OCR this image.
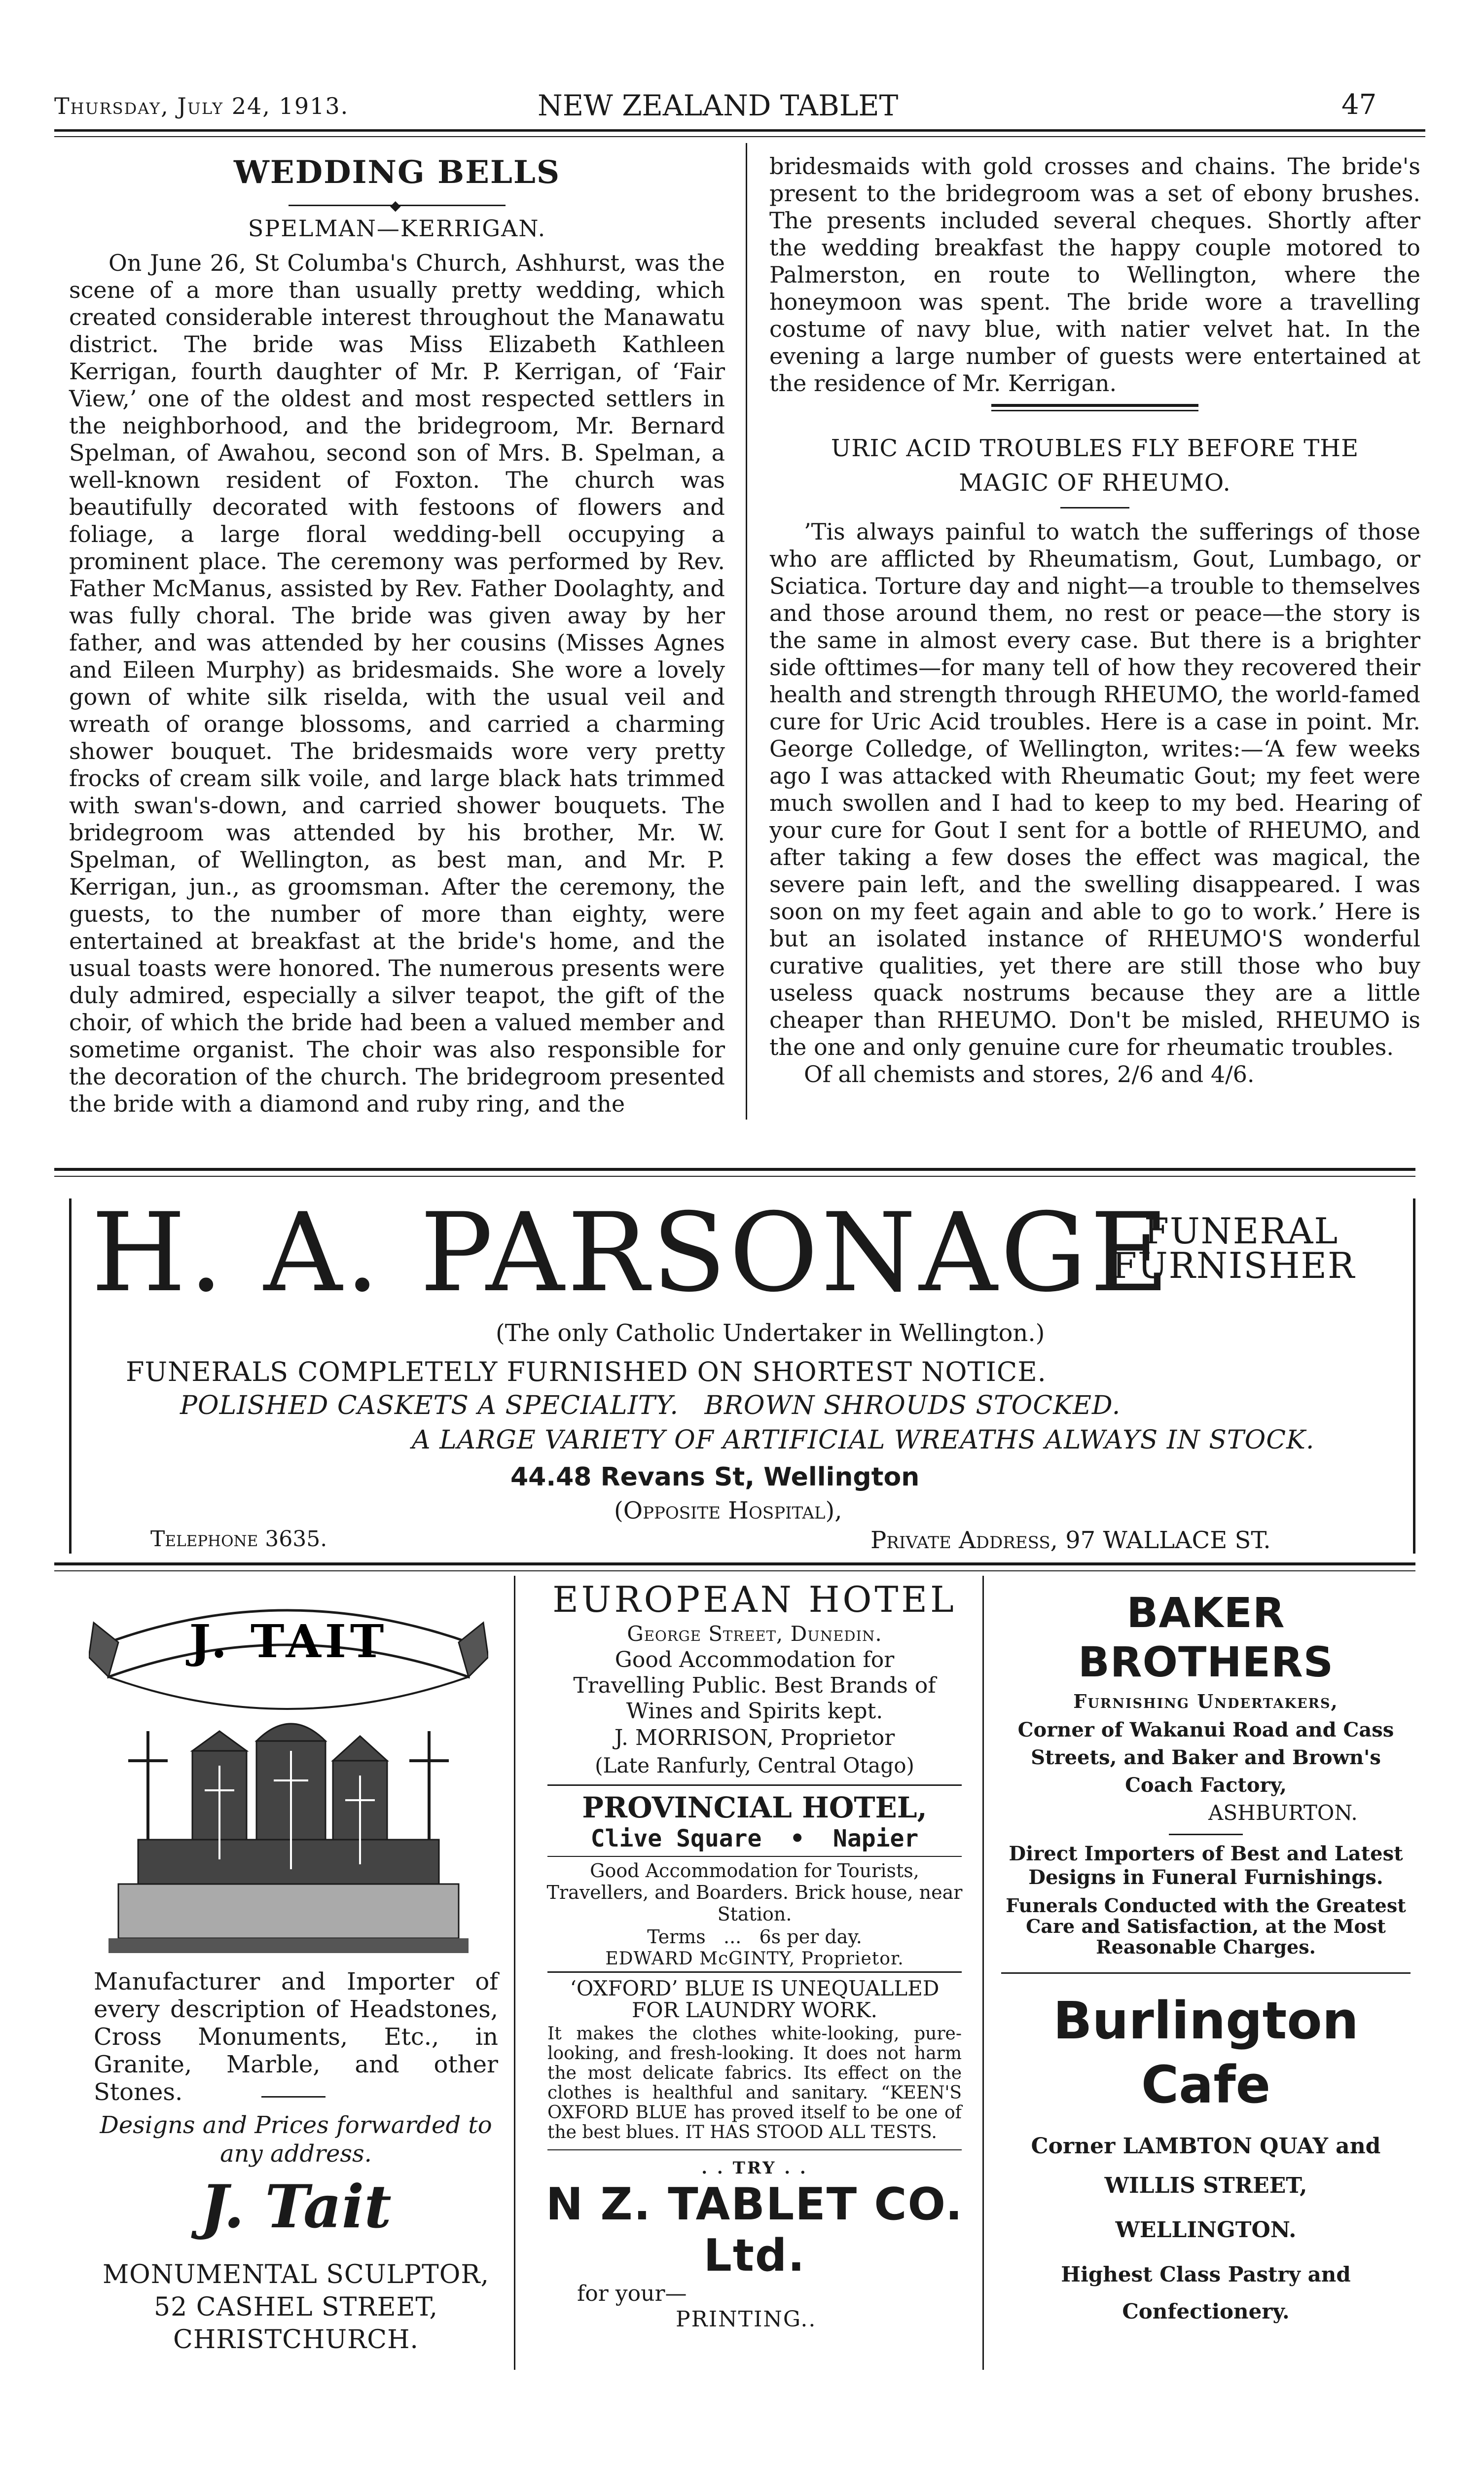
Thursday, July 24, 1913.	NEW ZEALAND TABLET	47
WEDDING BELLS
◆
SPELMAN—KERRIGAN.

On June 26, St Columba's Church, Ashhurst, was the scene of a more than usually pretty wedding, which created considerable interest throughout the Manawatu district. The bride was Miss Elizabeth Kathleen Kerrigan, fourth daughter of Mr. P. Kerrigan, of ‘Fair View,’ one of the oldest and most respected settlers in the neighborhood, and the bridegroom, Mr. Bernard Spelman, of Awahou, second son of Mrs. B. Spelman, a well-known resident of Foxton. The church was beautifully decorated with festoons of flowers and foliage, a large floral wedding-bell occupying a prominent place. The ceremony was performed by Rev. Father McManus, assisted by Rev. Father Doolaghty, and was fully choral. The bride was given away by her father, and was attended by her cousins (Misses Agnes and Eileen Murphy) as bridesmaids. She wore a lovely gown of white silk riselda, with the usual veil and wreath of orange blossoms, and carried a charming shower bouquet. The bridesmaids wore very pretty frocks of cream silk voile, and large black hats trimmed with swan's-down, and carried shower bouquets. The bridegroom was attended by his brother, Mr. W. Spelman, of Wellington, as best man, and Mr. P. Kerrigan, jun., as groomsman. After the ceremony, the guests, to the number of more than eighty, were entertained at breakfast at the bride's home, and the usual toasts were honored. The numerous presents were duly admired, especially a silver teapot, the gift of the choir, of which the bride had been a valued member and sometime organist. The choir was also responsible for the decoration of the church. The bridegroom presented the bride with a diamond and ruby ring, and the

bridesmaids with gold crosses and chains. The bride's present to the bridegroom was a set of ebony brushes. The presents included several cheques. Shortly after the wedding breakfast the happy couple motored to Palmerston, en route to Wellington, where the honeymoon was spent. The bride wore a travelling costume of navy blue, with natier velvet hat. In the evening a large number of guests were entertained at the residence of Mr. Kerrigan.

URIC ACID TROUBLES FLY BEFORE THE
MAGIC OF RHEUMO.

’Tis always painful to watch the sufferings of those who are afflicted by Rheumatism, Gout, Lumbago, or Sciatica. Torture day and night—a trouble to themselves and those around them, no rest or peace—the story is the same in almost every case. But there is a brighter side ofttimes—for many tell of how they recovered their health and strength through RHEUMO, the world-famed cure for Uric Acid troubles. Here is a case in point. Mr. George Colledge, of Wellington, writes:—‘A few weeks ago I was attacked with Rheumatic Gout; my feet were much swollen and I had to keep to my bed. Hearing of your cure for Gout I sent for a bottle of RHEUMO, and after taking a few doses the effect was magical, the severe pain left, and the swelling disappeared. I was soon on my feet again and able to go to work.’ Here is but an isolated instance of RHEUMO'S wonderful curative qualities, yet there are still those who buy useless quack nostrums because they are a little cheaper than RHEUMO. Don't be misled, RHEUMO is the one and only genuine cure for rheumatic troubles.

Of all chemists and stores, 2/6 and 4/6.

H. A. PARSONAGE
FUNERAL
FURNISHER
(The only Catholic Undertaker in Wellington.)
FUNERALS COMPLETELY FURNISHED ON SHORTEST NOTICE.
POLISHED CASKETS A SPECIALITY.   BROWN SHROUDS STOCKED.
A LARGE VARIETY OF ARTIFICIAL WREATHS ALWAYS IN STOCK.
44.48 Revans St, Wellington
(Opposite Hospital),
Telephone 3635.	Private Address, 97 WALLACE ST.
J. TAIT
Manufacturer and Importer of every description of Headstones, Cross Monuments, Etc., in Granite, Marble, and other Stones.
Designs and Prices forwarded to any address.
J. Tait
MONUMENTAL SCULPTOR,
52 CASHEL STREET,
CHRISTCHURCH.
EUROPEAN HOTEL
George Street, Dunedin.
Good Accommodation for Travelling Public. Best Brands of Wines and Spirits kept.
J. MORRISON, Proprietor
(Late Ranfurly, Central Otago)
PROVINCIAL HOTEL,
Clive Square  •  Napier
Good Accommodation for Tourists, Travellers, and Boarders. Brick house, near Station.
Terms   ...   6s per day.
EDWARD McGINTY, Proprietor.
‘OXFORD’ BLUE IS UNEQUALLED FOR LAUNDRY WORK.
It makes the clothes white-looking, pure-looking, and fresh-looking. It does not harm the most delicate fabrics. Its effect on the clothes is healthful and sanitary. “KEEN'S OXFORD BLUE has proved itself to be one of the best blues. IT HAS STOOD ALL TESTS.
. . TRY . .
N Z. TABLET CO. Ltd.
for your—
PRINTING..
BAKER BROTHERS
Furnishing Undertakers,
Corner of Wakanui Road and Cass Streets, and Baker and Brown's Coach Factory,
ASHBURTON.
Direct Importers of Best and Latest Designs in Funeral Furnishings.
Funerals Conducted with the Greatest Care and Satisfaction, at the Most Reasonable Charges.
Burlington Cafe
Corner LAMBTON QUAY and
WILLIS STREET,
WELLINGTON.
Highest Class Pastry and
Confectionery.
